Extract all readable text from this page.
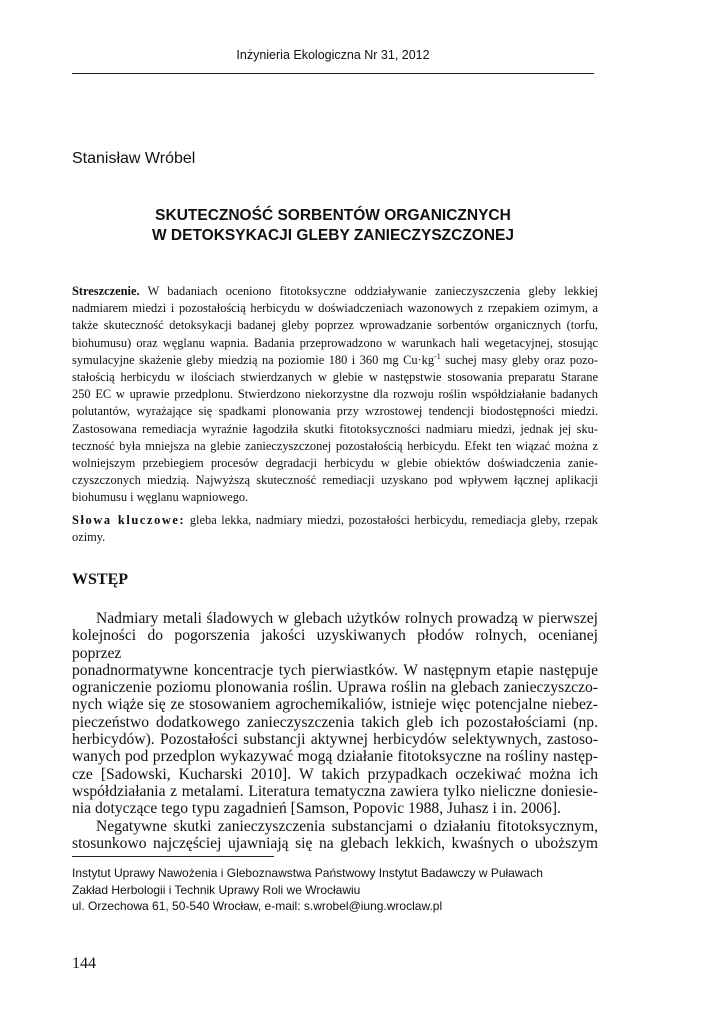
Inżynieria Ekologiczna Nr 31, 2012
Stanisław Wróbel
SKUTECZNOŚĆ SORBENTÓW ORGANICZNYCH
W DETOKSYKACJI GLEBY ZANIECZYSZCZONEJ
Streszczenie. W badaniach oceniono fitotoksyczne oddziaływanie zanieczyszczenia gleby lekkiej
nadmiarem miedzi i pozostałością herbicydu w doświadczeniach wazonowych z rzepakiem ozimym, a
także skuteczność detoksykacji badanej gleby poprzez wprowadzanie sorbentów organicznych (torfu,
biohumusu) oraz węglanu wapnia. Badania przeprowadzono w warunkach hali wegetacyjnej, stosując
symulacyjne skażenie gleby miedzią na poziomie 180 i 360 mg $Cu\cdot kg^{-1}$ suchej masy gleby oraz pozo-
stałością herbicydu w ilościach stwierdzanych w glebie w następstwie stosowania preparatu Starane
250 EC w uprawie przedplonu. Stwierdzono niekorzystne dla rozwoju roślin współdziałanie badanych
polutantów, wyrażające się spadkami plonowania przy wzrostowej tendencji biodostępności miedzi.
Zastosowana remediacja wyraźnie łagodziła skutki fitotoksyczności nadmiaru miedzi, jednak jej sku-
teczność była mniejsza na glebie zanieczyszczonej pozostałością herbicydu. Efekt ten wiązać można z
wolniejszym przebiegiem procesów degradacji herbicydu w glebie obiektów doświadczenia zanie-
czyszczonych miedzią. Najwyższą skuteczność remediacji uzyskano pod wpływem łącznej aplikacji
biohumusu i węglanu wapniowego.
Słowa kluczowe: gleba lekka, nadmiary miedzi, pozostałości herbicydu, remediacja gleby, rzepak
ozimy.
WSTĘP
Nadmiary metali śladowych w glebach użytków rolnych prowadzą w pierwszej
kolejności do pogorszenia jakości uzyskiwanych płodów rolnych, ocenianej poprzez
ponadnormatywne koncentracje tych pierwiastków. W następnym etapie następuje
ograniczenie poziomu plonowania roślin. Uprawa roślin na glebach zanieczyszczo-
nych wiąże się ze stosowaniem agrochemikaliów, istnieje więc potencjalne niebez-
pieczeństwo dodatkowego zanieczyszczenia takich gleb ich pozostałościami (np.
herbicydów). Pozostałości substancji aktywnej herbicydów selektywnych, zastoso-
wanych pod przedplon wykazywać mogą działanie fitotoksyczne na rośliny następ-
cze [Sadowski, Kucharski 2010]. W takich przypadkach oczekiwać można ich
współdziałania z metalami. Literatura tematyczna zawiera tylko nieliczne doniesie-
nia dotyczące tego typu zagadnień [Samson, Popovic 1988, Juhasz i in. 2006].
Negatywne skutki zanieczyszczenia substancjami o działaniu fitotoksycznym,
stosunkowo najczęściej ujawniają się na glebach lekkich, kwaśnych o uboższym
Instytut Uprawy Nawożenia i Gleboznawstwa Państwowy Instytut Badawczy w Puławach
Zakład Herbologii i Technik Uprawy Roli we Wrocławiu
ul. Orzechowa 61, 50-540 Wrocław, e-mail: s.wrobel@iung.wroclaw.pl
144
